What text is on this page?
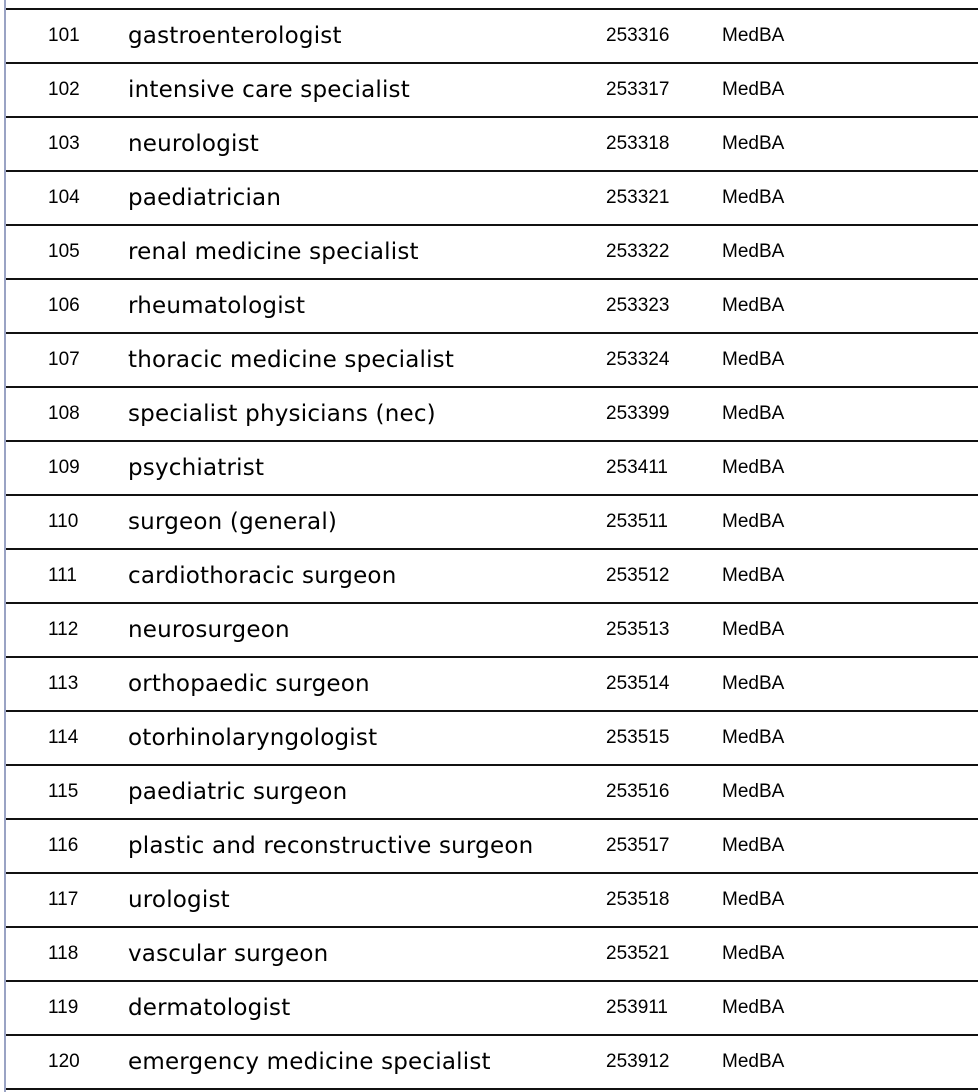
101 gastroenterologist	253316	MedBA
102 intensive care specialist	253317	MedBA
103 neurologist	253318	MedBA
104 paediatrician	253321	MedBA
105 renal medicine specialist	253322	MedBA
106 rheumatologist	253323	MedBA
107 thoracic medicine specialist	253324	MedBA
108 specialist physicians (nec)	253399	MedBA
109 psychiatrist	253411	MedBA
110 surgeon (general)	253511	MedBA
111 cardiothoracic surgeon	253512	MedBA
112 neurosurgeon	253513	MedBA
113 orthopaedic surgeon	253514	MedBA
114 otorhinolaryngologist	253515	MedBA
115 paediatric surgeon	253516	MedBA
116 plastic and reconstructive surgeon	253517	MedBA
117 urologist	253518	MedBA
118 vascular surgeon	253521	MedBA
119 dermatologist	253911	MedBA
120 emergency medicine specialist	253912	MedBA
